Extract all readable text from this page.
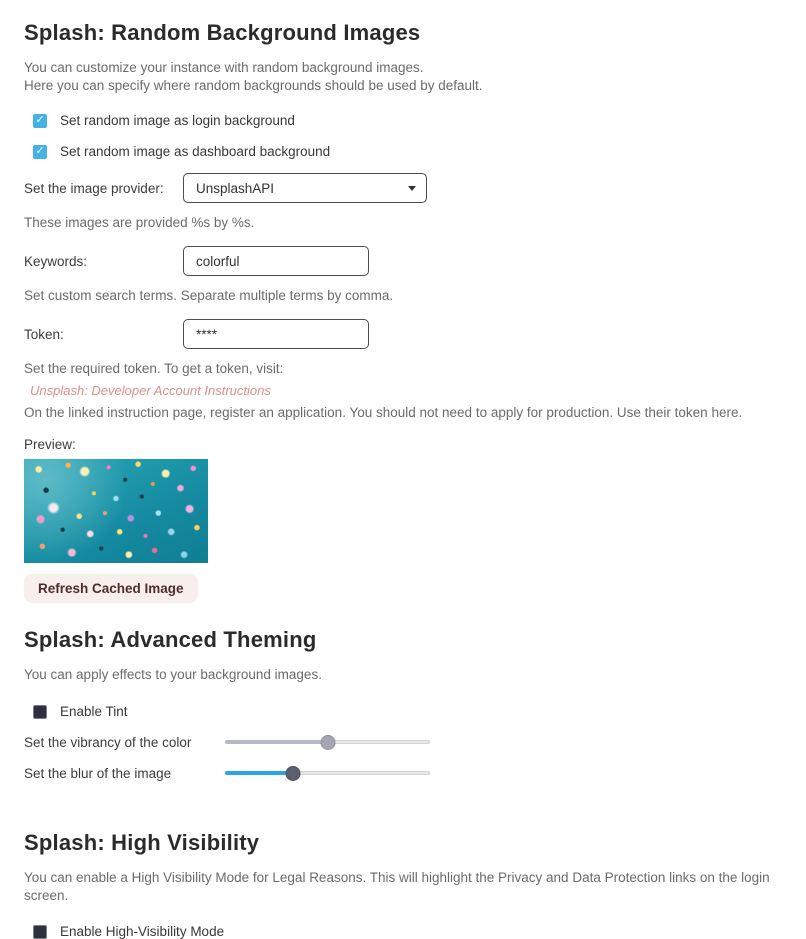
Splash: Random Background Images
You can customize your instance with random background images.
Here you can specify where random backgrounds should be used by default.
✓ Set random image as login background
✓ Set random image as dashboard background
Set the image provider:	UnsplashAPI
These images are provided %s by %s.
Keywords:
colorful
Set custom search terms. Separate multiple terms by comma.
Token:
****
Set the required token. To get a token, visit:
Unsplash: Developer Account Instructions
On the linked instruction page, register an application. You should not need to apply for production. Use their token here.
Preview:
Refresh Cached Image
Splash: Advanced Theming
You can apply effects to your background images.
Enable Tint
Set the vibrancy of the color
Set the blur of the image
Splash: High Visibility
You can enable a High Visibility Mode for Legal Reasons. This will highlight the Privacy and Data Protection links on the login screen.
Enable High-Visibility Mode
